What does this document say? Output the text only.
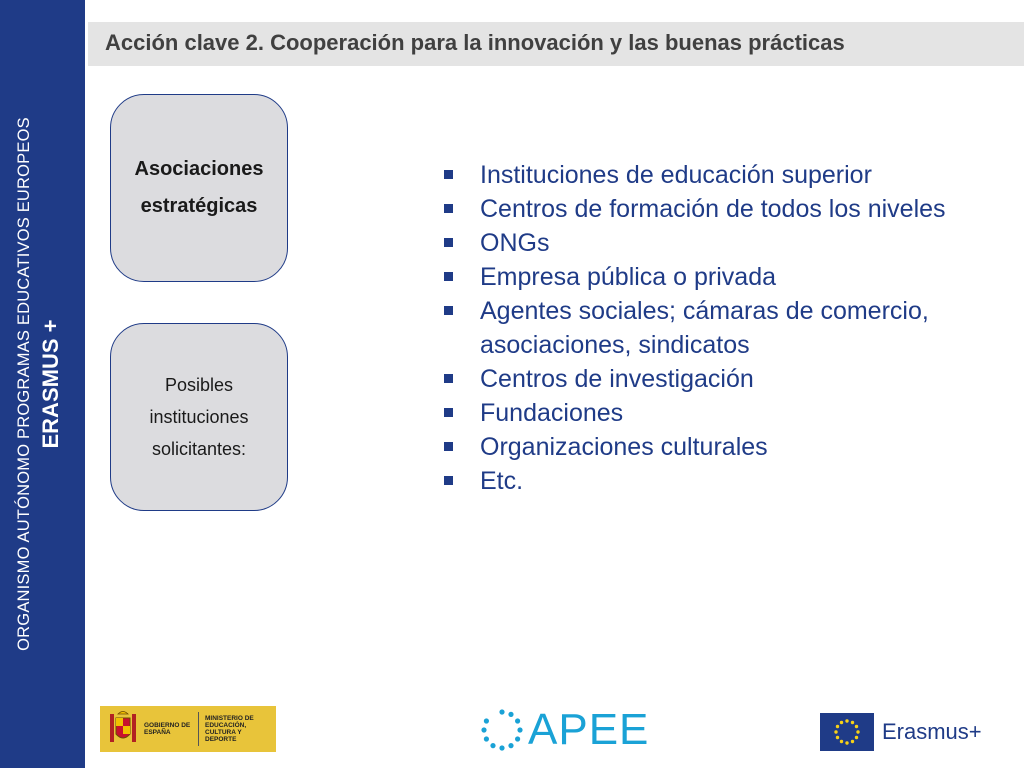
ORGANISMO AUTÓNOMO PROGRAMAS EDUCATIVOS EUROPEOS ERASMUS +
Acción clave 2. Cooperación para la innovación y las buenas prácticas
Asociaciones estratégicas
Posibles instituciones solicitantes:
Instituciones de educación superior
Centros de formación de todos los niveles
ONGs
Empresa pública o privada
Agentes sociales; cámaras de comercio, asociaciones, sindicatos
Centros de investigación
Fundaciones
Organizaciones culturales
Etc.
GOBIERNO DE ESPAÑA
MINISTERIO DE EDUCACIÓN, CULTURA Y DEPORTE	APEE	Erasmus+
